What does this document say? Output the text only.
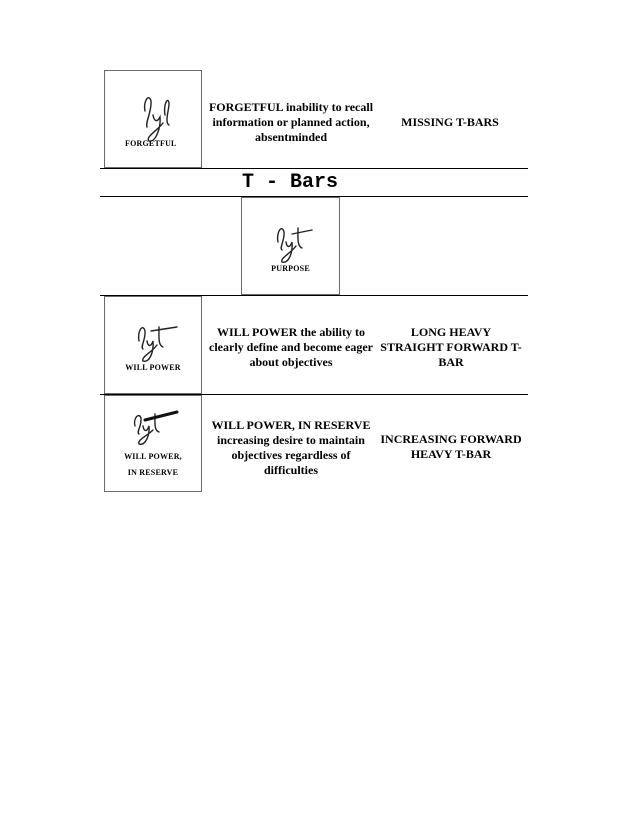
FORGETFUL
FORGETFUL inability to recall information or planned action, absentminded
MISSING T-BARS
T - Bars
PURPOSE
WILL POWER
WILL POWER the ability to clearly define and become eager about objectives
LONG HEAVY STRAIGHT FORWARD T-BAR
WILL POWER,
IN RESERVE
WILL POWER, IN RESERVE increasing desire to maintain objectives regardless of difficulties
INCREASING FORWARD HEAVY T-BAR
